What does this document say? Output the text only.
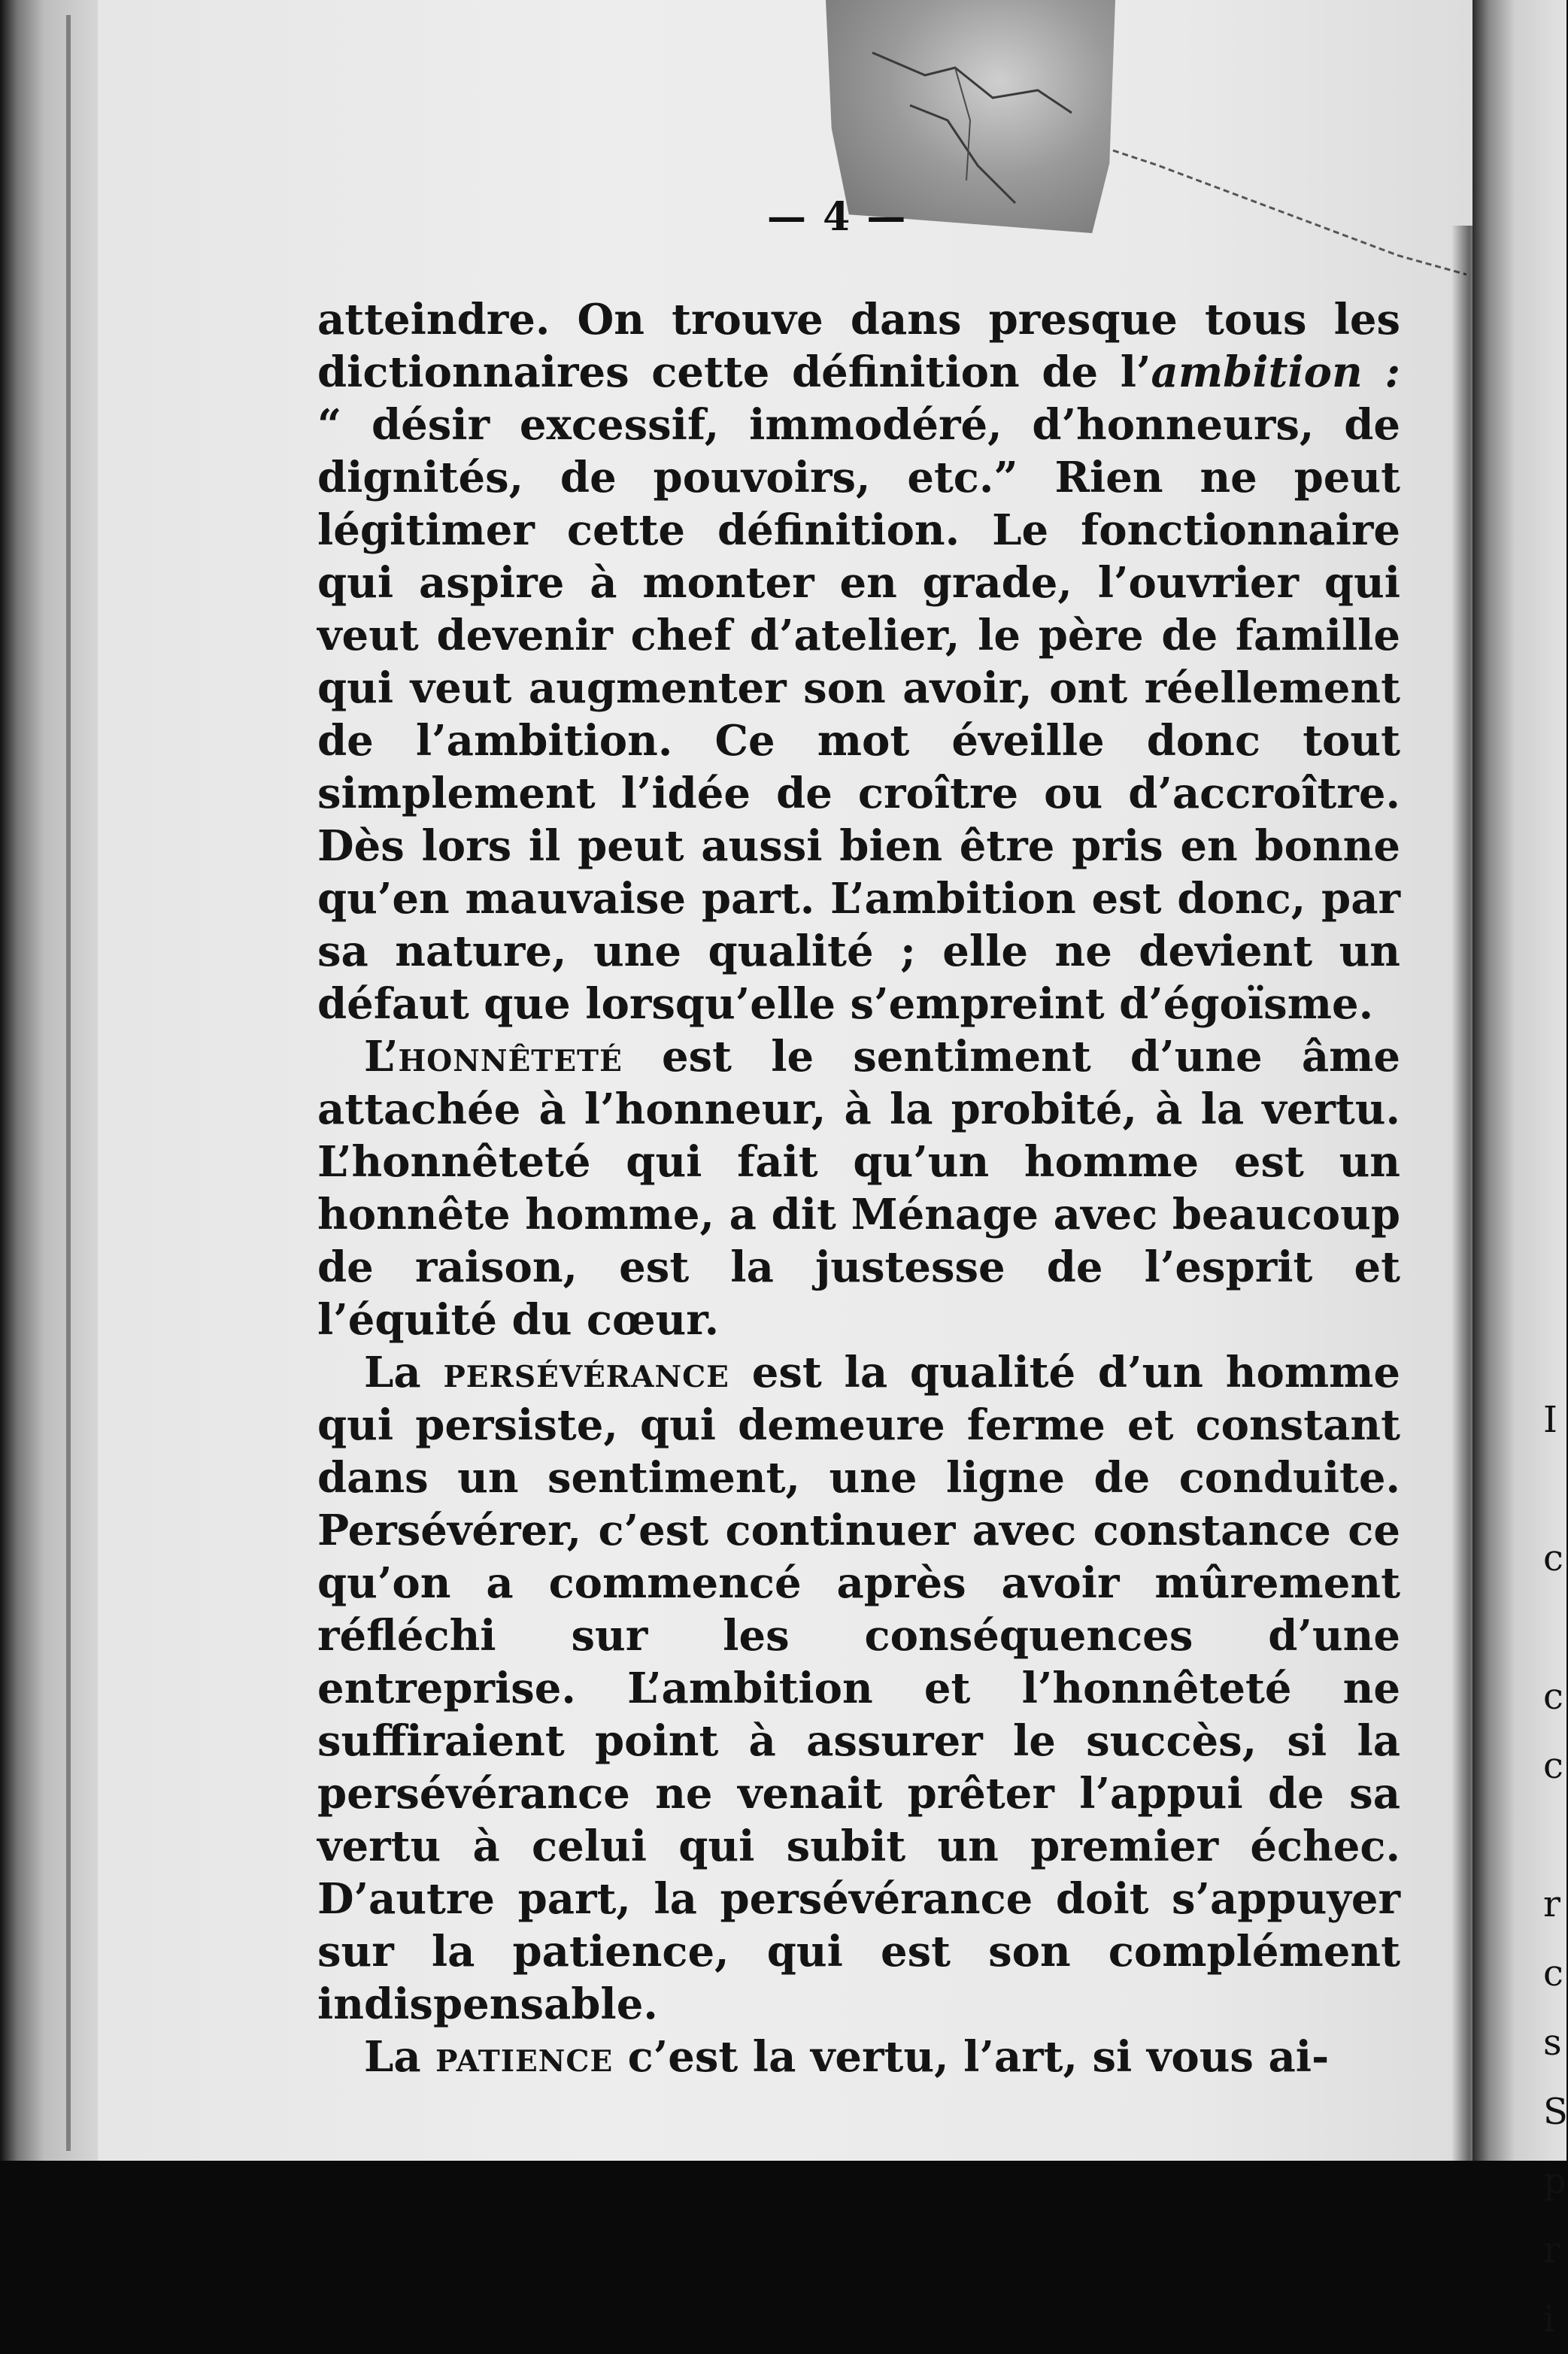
I
c
c
c
r
c
s
S
p
r
i
— 4 —

atteindre. On trouve dans presque tous les dictionnaires cette définition de l’ambition : “ désir excessif, immodéré, d’honneurs, de dignités, de pouvoirs, etc.” Rien ne peut légitimer cette définition. Le fonctionnaire qui aspire à monter en grade, l’ouvrier qui veut devenir chef d’atelier, le père de famille qui veut augmenter son avoir, ont réellement de l’ambition. Ce mot éveille donc tout simplement l’idée de croître ou d’accroître. Dès lors il peut aussi bien être pris en bonne qu’en mauvaise part. L’ambition est donc, par sa nature, une qualité ; elle ne devient un défaut que lorsqu’elle s’empreint d’égoïsme.

L’honnêteté est le sentiment d’une âme attachée à l’honneur, à la probité, à la vertu. L’honnêteté qui fait qu’un homme est un honnête homme, a dit Ménage avec beaucoup de raison, est la justesse de l’esprit et l’équité du cœur.

La persévérance est la qualité d’un homme qui persiste, qui demeure ferme et constant dans un sentiment, une ligne de conduite. Persévérer, c’est continuer avec constance ce qu’on a commencé après avoir mûrement réfléchi sur les conséquences d’une entreprise. L’ambition et l’honnêteté ne suffiraient point à assurer le succès, si la persévérance ne venait prêter l’appui de sa vertu à celui qui subit un premier échec. D’autre part, la persévérance doit s’appuyer sur la patience, qui est son complément indispensable.

La patience c’est la vertu, l’art, si vous ai-
